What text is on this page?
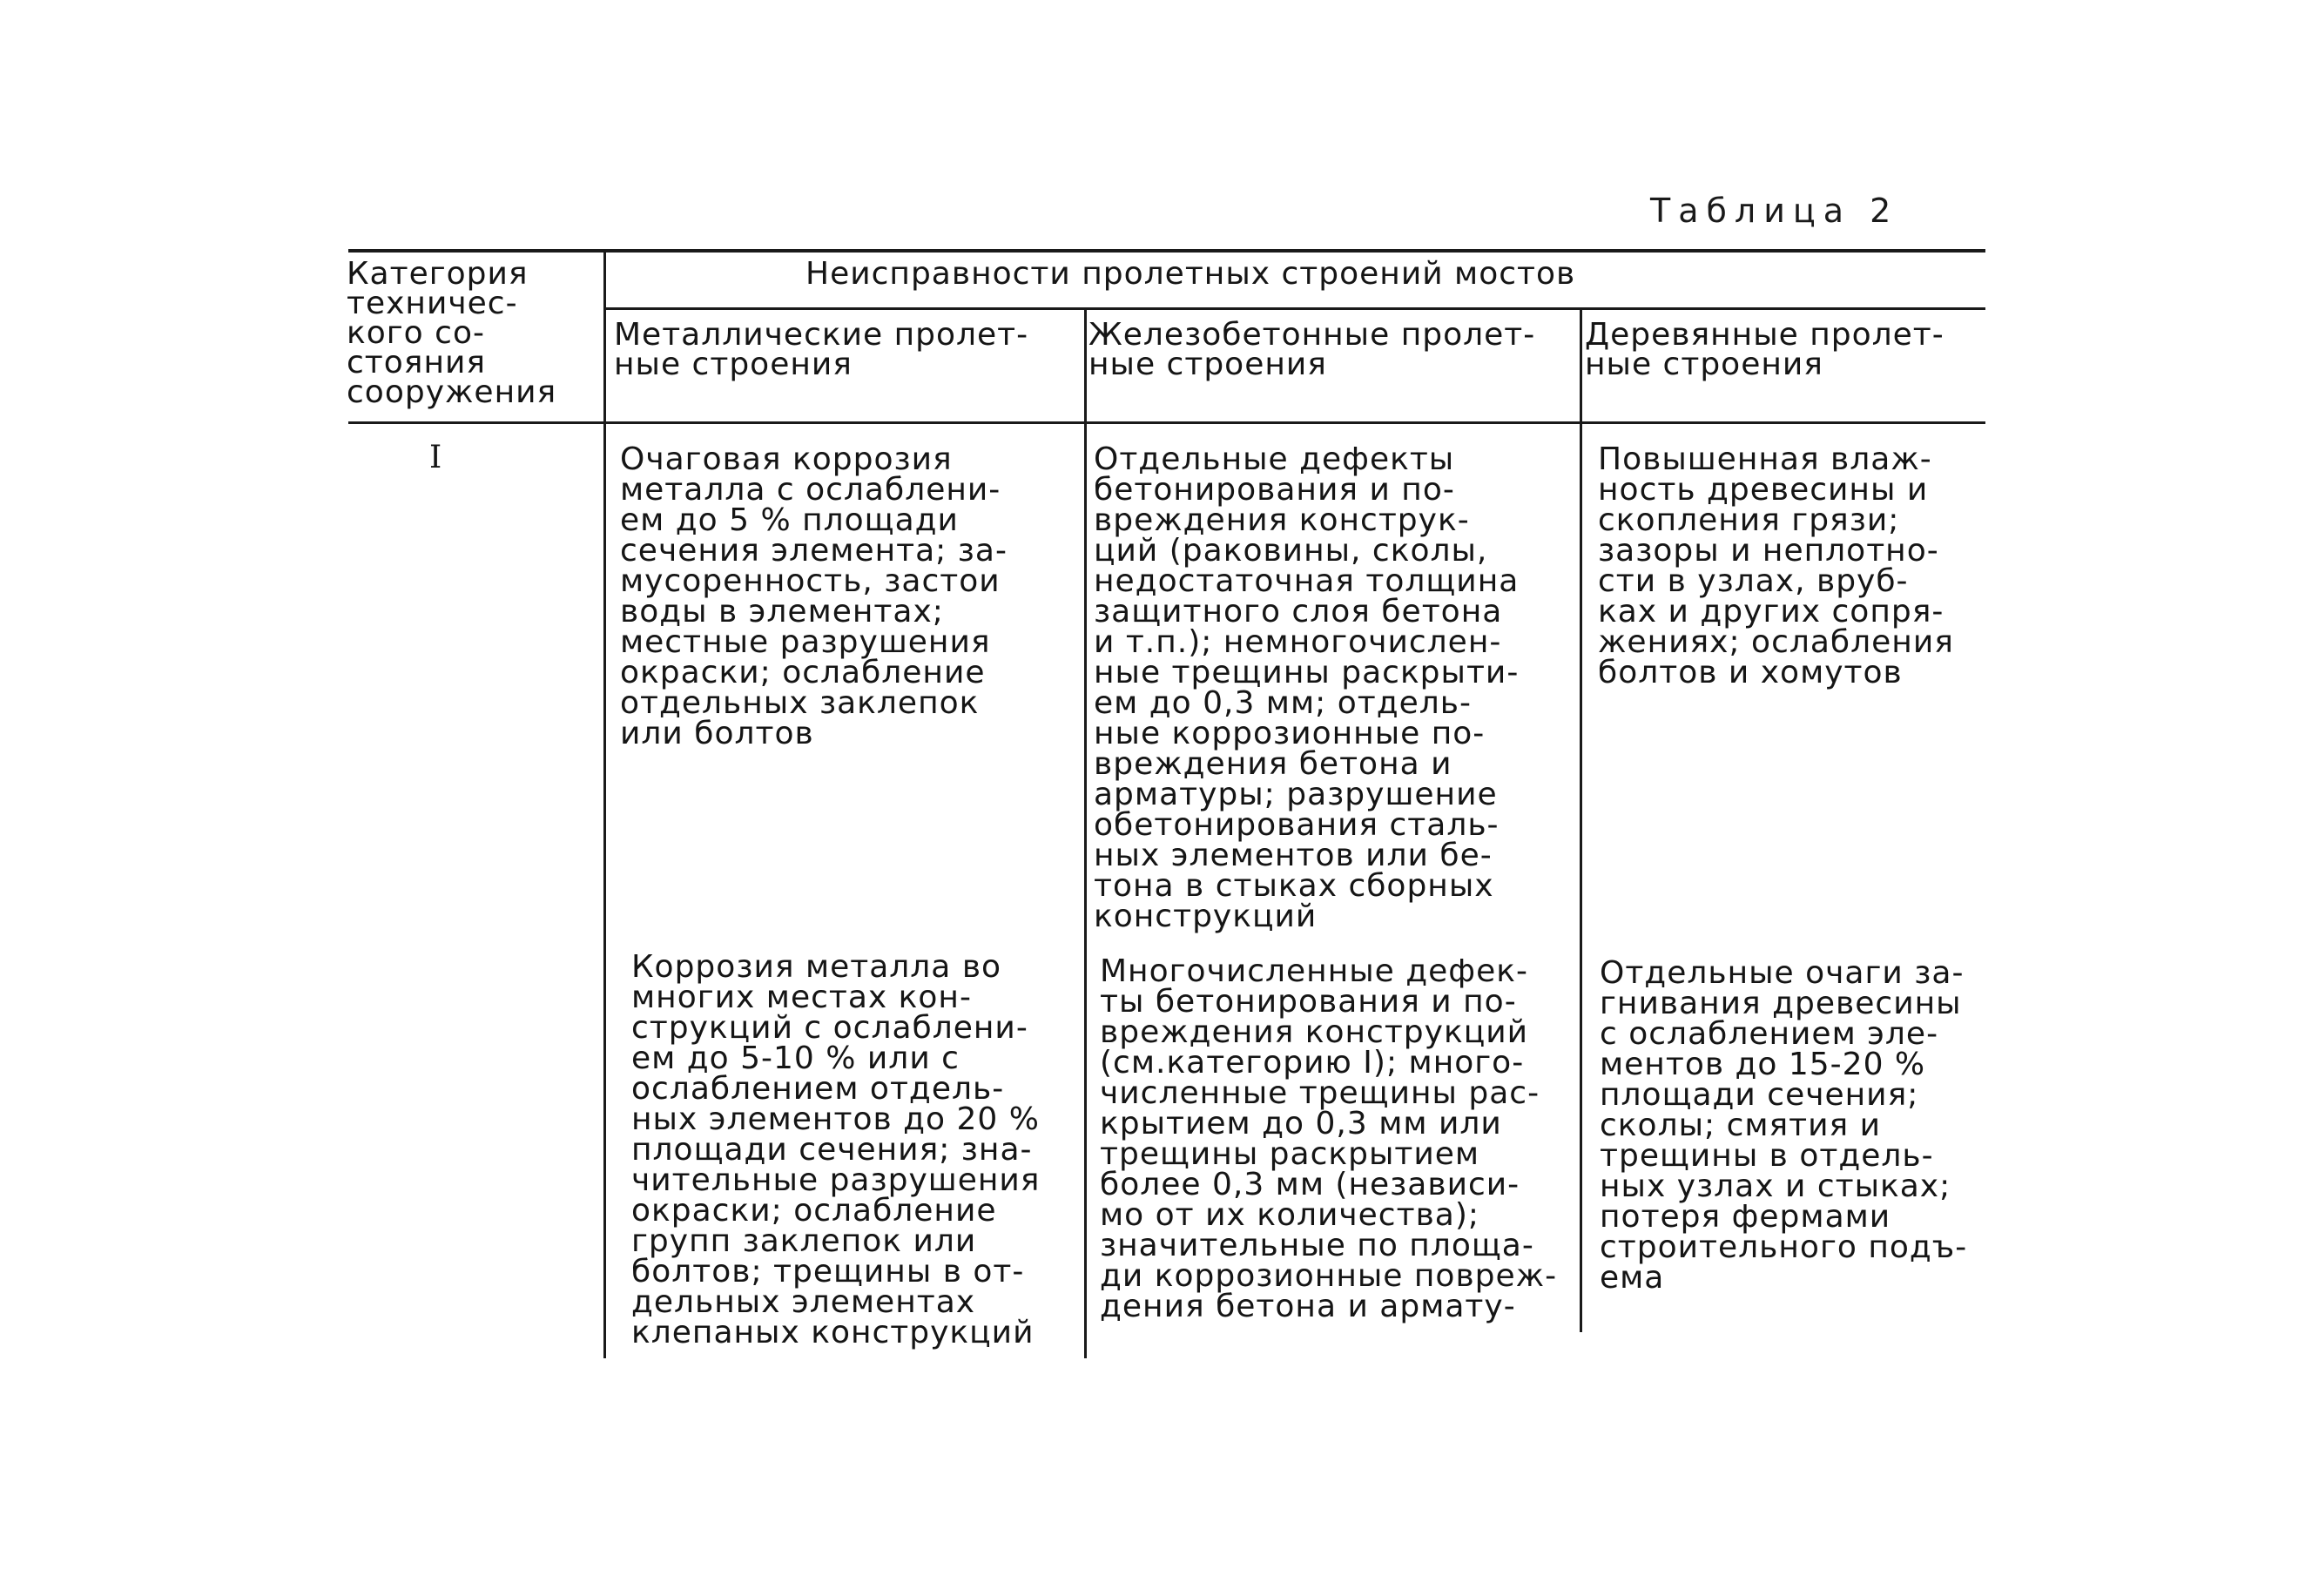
Таблица 2
Категория
техничес-
кого со-
стояния
сооружения
Неисправности пролетных строений мостов
Металлические пролет-
ные строения
Железобетонные пролет-
ные строения
Деревянные пролет-
ные строения
I	Очаговая коррозия
металла с ослаблени-
ем до 5 % площади
сечения элемента; за-
мусоренность, застои
воды в элементах;
местные разрушения
окраски; ослабление
отдельных заклепок
или болтов
Отдельные дефекты
бетонирования и по-
вреждения конструк-
ций (раковины, сколы,
недостаточная толщина
защитного слоя бетона
и т.п.); немногочислен-
ные трещины раскрыти-
ем до 0,3 мм; отдель-
ные коррозионные по-
вреждения бетона и
арматуры; разрушение
обетонирования сталь-
ных элементов или бе-
тона в стыках сборных
конструкций
Повышенная влаж-
ность древесины и
скопления грязи;
зазоры и неплотно-
сти в узлах, вруб-
ках и других сопря-
жениях; ослабления
болтов и хомутов
Коррозия металла во
многих местах кон-
струкций с ослаблени-
ем до 5-10 % или с
ослаблением отдель-
ных элементов до 20 %
площади сечения; зна-
чительные разрушения
окраски; ослабление
групп заклепок или
болтов; трещины в от-
дельных элементах
клепаных конструкций
Многочисленные дефек-
ты бетонирования и по-
вреждения конструкций
(см.категорию I); много-
численные трещины рас-
крытием до 0,3 мм или
трещины раскрытием
более 0,3 мм (независи-
мо от их количества);
значительные по площа-
ди коррозионные повреж-
дения бетона и армату-
Отдельные очаги за-
гнивания древесины
с ослаблением эле-
ментов до 15-20 %
площади сечения;
сколы; смятия и
трещины в отдель-
ных узлах и стыках;
потеря фермами
строительного подъ-
ема
